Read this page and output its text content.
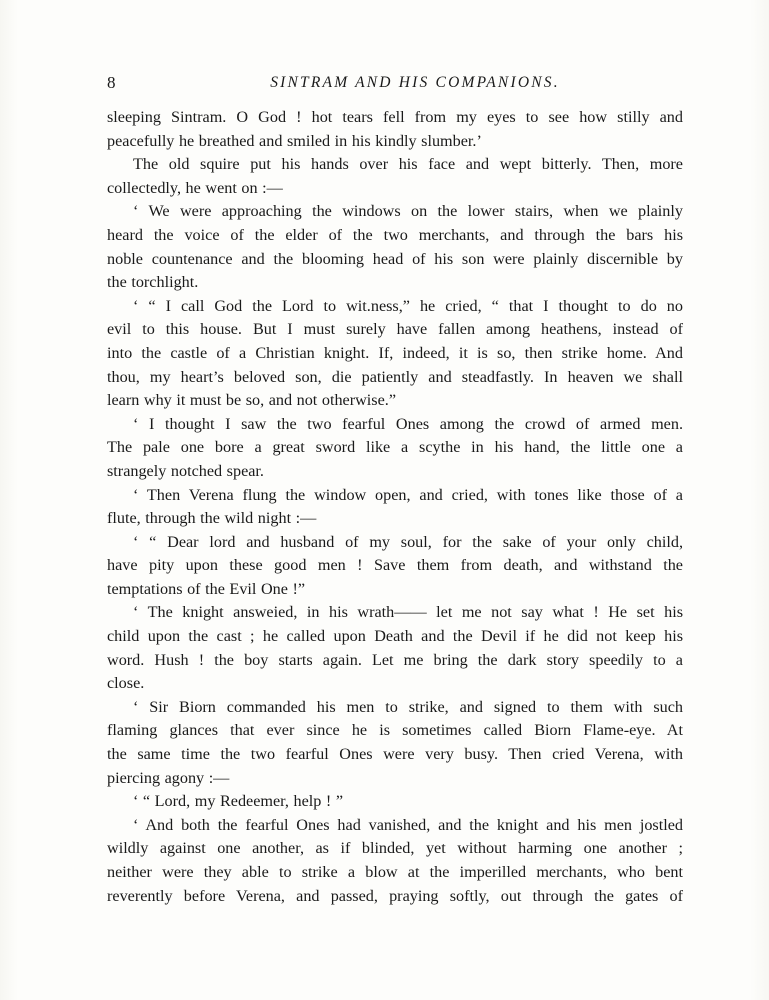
8	SINTRAM AND HIS COMPANIONS.
sleeping Sintram. O God ! hot tears fell from my eyes to see how stilly and
peacefully he breathed and smiled in his kindly slumber.’
The old squire put his hands over his face and wept bitterly. Then, more
collectedly, he went on :—
‘ We were approaching the windows on the lower stairs, when we plainly
heard the voice of the elder of the two merchants, and through the bars his
noble countenance and the blooming head of his son were plainly discernible by
the torchlight.
‘ “ I call God the Lord to wit.ness,” he cried, “ that I thought to do no
evil to this house. But I must surely have fallen among heathens, instead of
into the castle of a Christian knight. If, indeed, it is so, then strike home. And
thou, my heart’s beloved son, die patiently and steadfastly. In heaven we shall
learn why it must be so, and not otherwise.”
‘ I thought I saw the two fearful Ones among the crowd of armed men.
The pale one bore a great sword like a scythe in his hand, the little one a
strangely notched spear.
‘ Then Verena flung the window open, and cried, with tones like those of a
flute, through the wild night :—
‘ “ Dear lord and husband of my soul, for the sake of your only child,
have pity upon these good men ! Save them from death, and withstand the
temptations of the Evil One !”
‘ The knight answeied, in his wrath—— let me not say what ! He set his
child upon the cast ; he called upon Death and the Devil if he did not keep his
word. Hush ! the boy starts again. Let me bring the dark story speedily to a
close.
‘ Sir Biorn commanded his men to strike, and signed to them with such
flaming glances that ever since he is sometimes called Biorn Flame-eye. At
the same time the two fearful Ones were very busy. Then cried Verena, with
piercing agony :—
‘ “ Lord, my Redeemer, help ! ”
‘ And both the fearful Ones had vanished, and the knight and his men jostled
wildly against one another, as if blinded, yet without harming one another ;
neither were they able to strike a blow at the imperilled merchants, who bent
reverently before Verena, and passed, praying softly, out through the gates of
